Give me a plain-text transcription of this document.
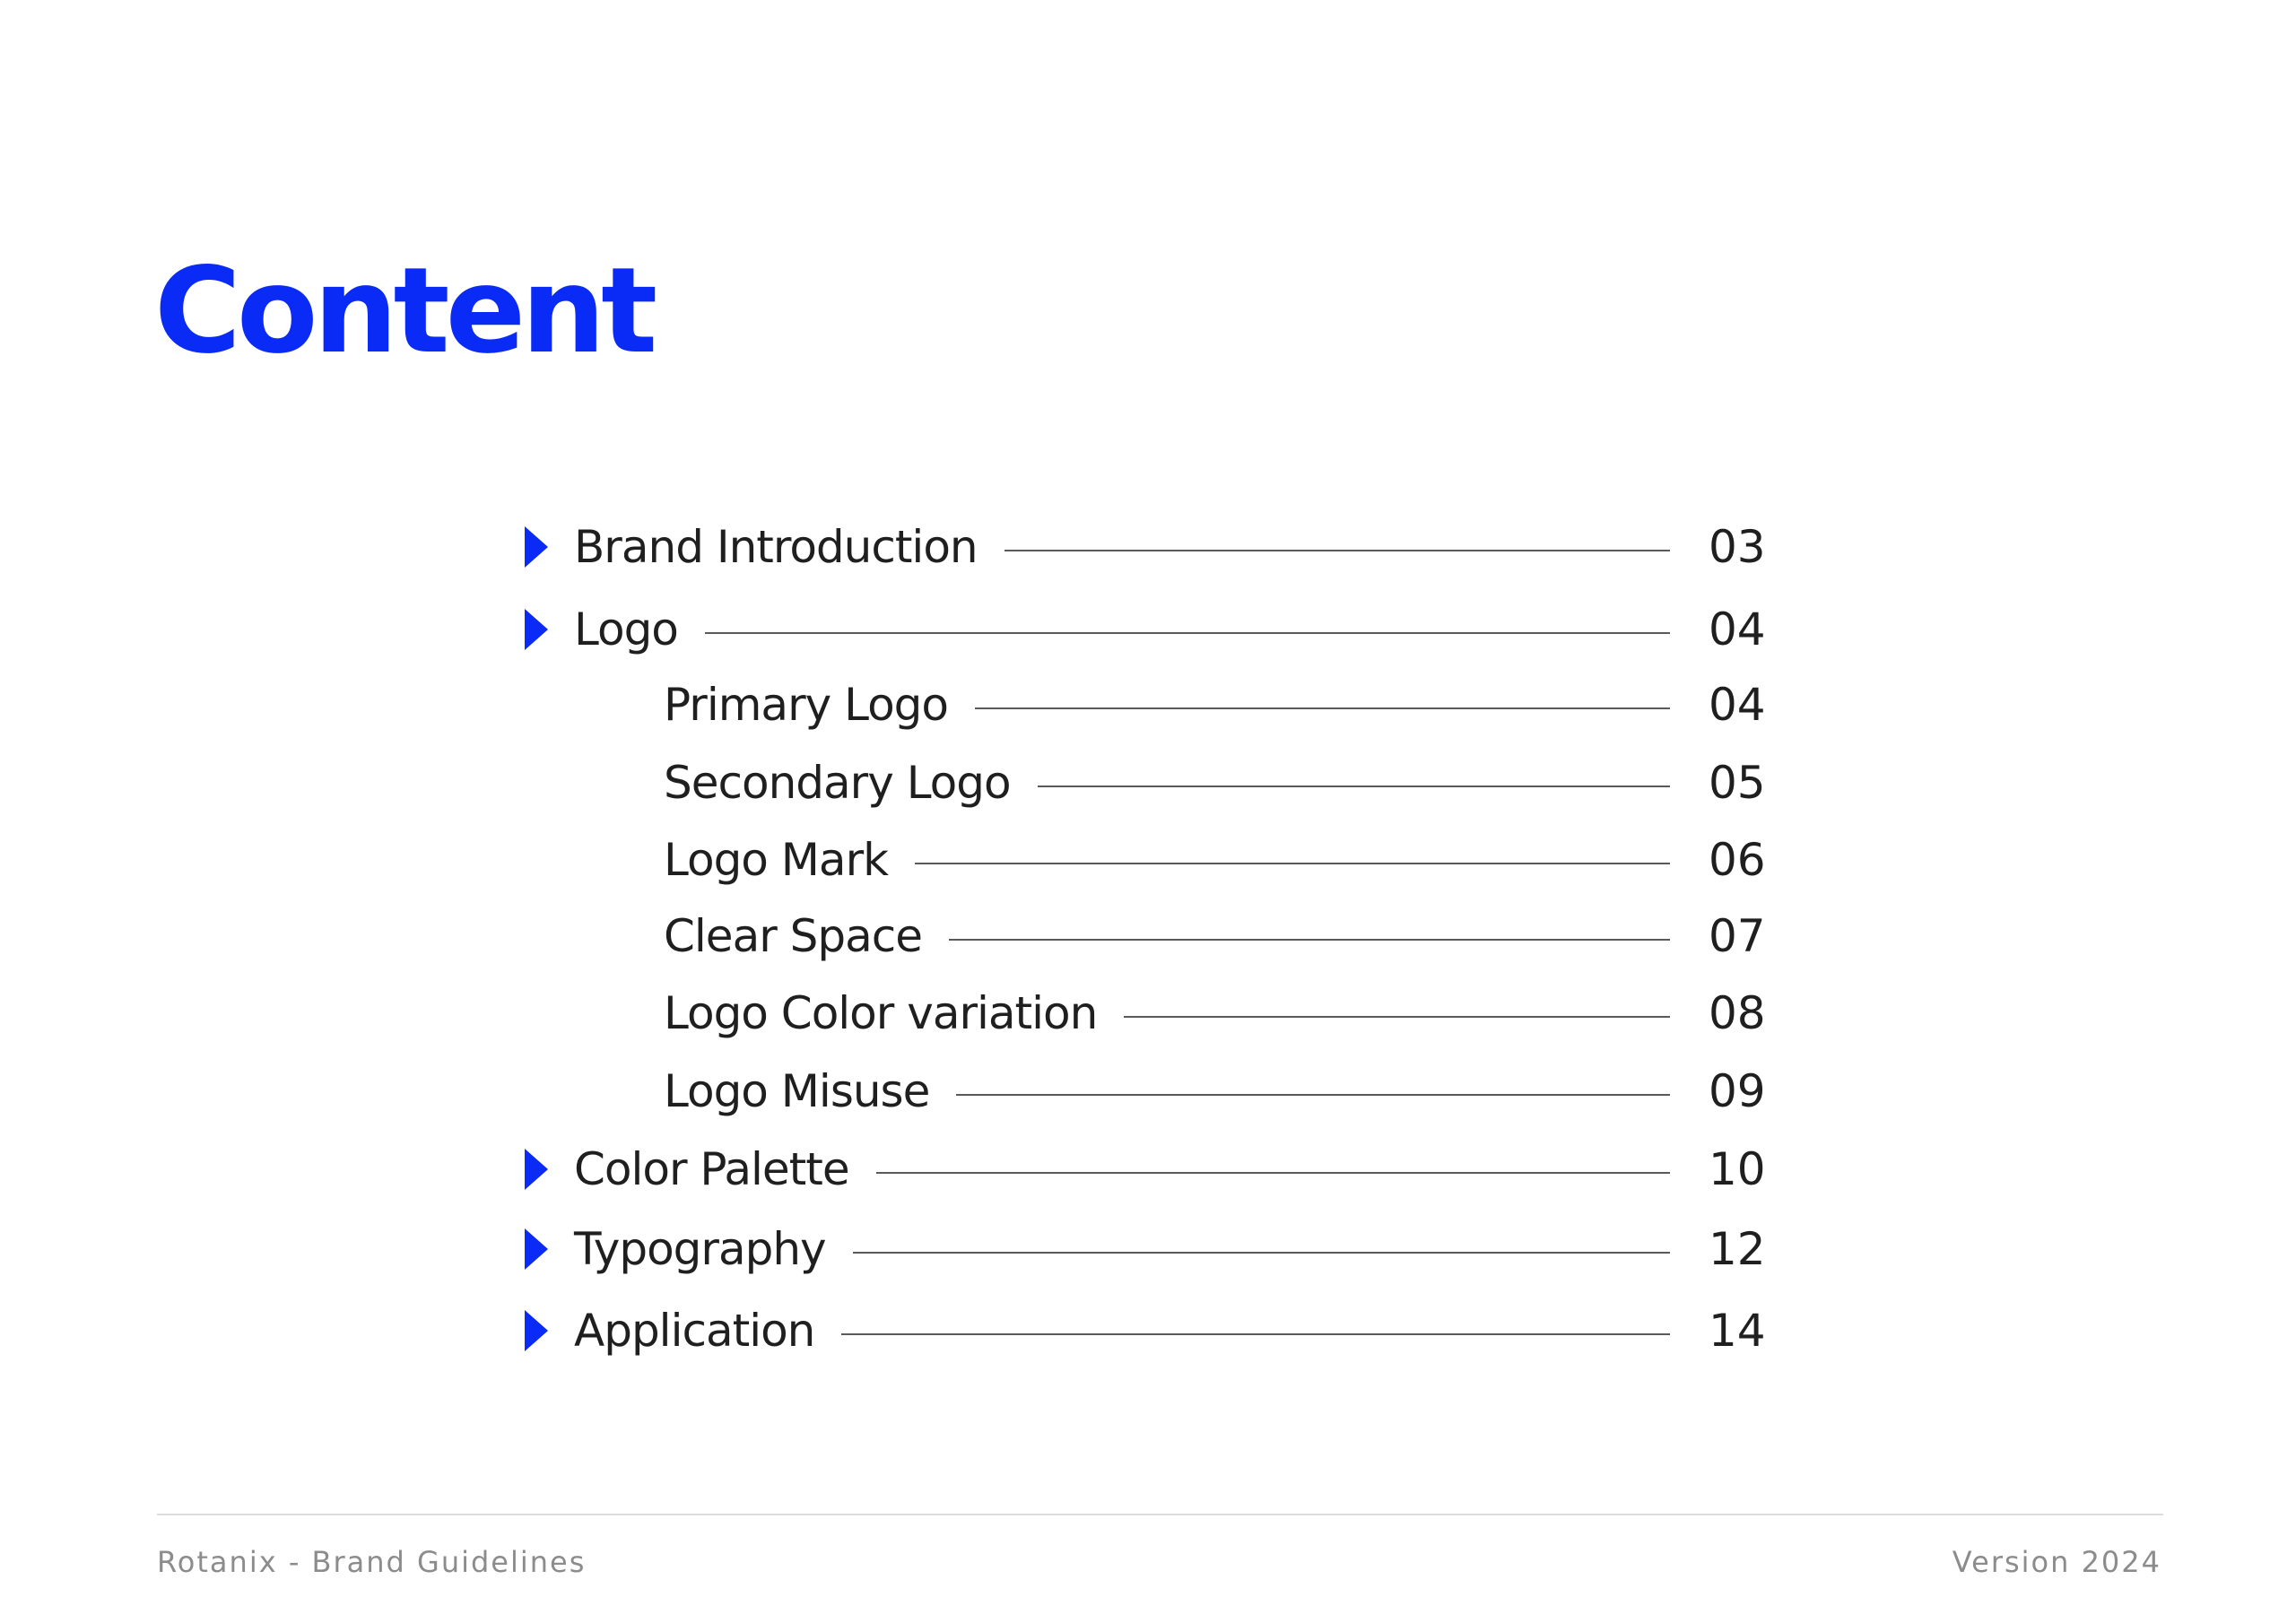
Content
Brand Introduction	03
Logo	04
Primary Logo	04
Secondary Logo	05
Logo Mark	06
Clear Space	07
Logo Color variation	08
Logo Misuse	09
Color Palette	10
Typography	12
Application	14
Rotanix - Brand Guidelines	Version 2024
